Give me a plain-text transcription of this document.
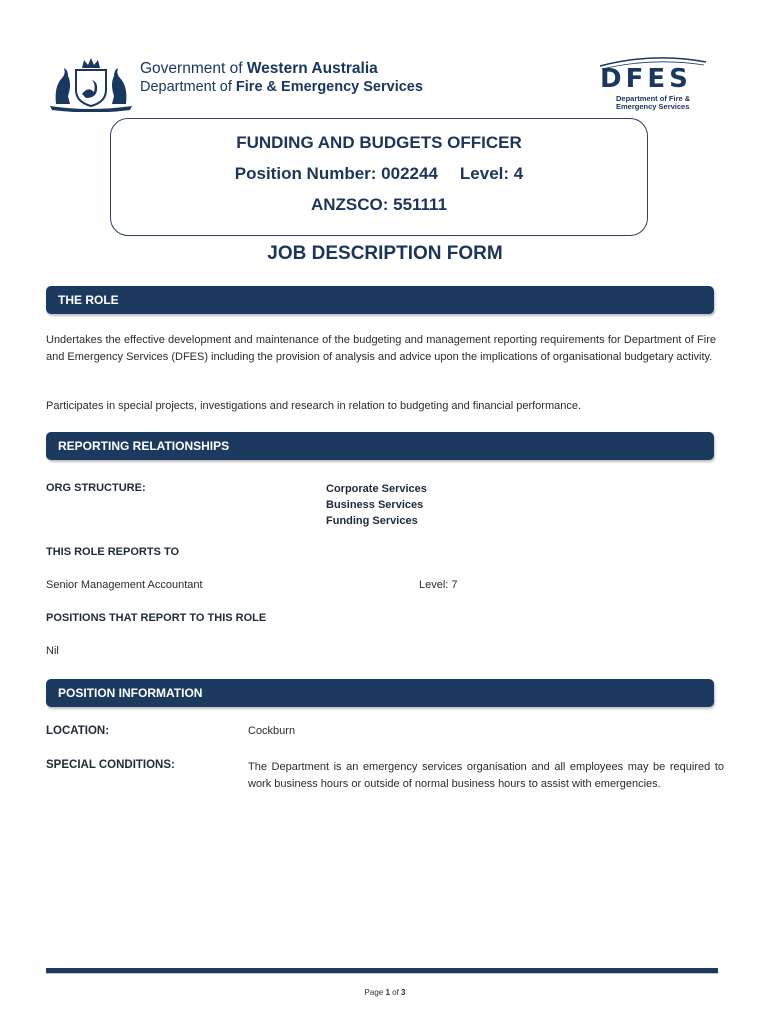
Government of Western Australia
Department of Fire & Emergency Services	DFES
Department of Fire &
Emergency Services
FUNDING AND BUDGETS OFFICER
Position Number: 002244 Level: 4
ANZSCO: 551111
JOB DESCRIPTION FORM
THE ROLE
Undertakes the effective development and maintenance of the budgeting and management reporting requirements for Department of Fire and Emergency Services (DFES) including the provision of analysis and advice upon the implications of organisational budgetary activity.
Participates in special projects, investigations and research in relation to budgeting and financial performance.
REPORTING RELATIONSHIPS
ORG STRUCTURE:	Corporate Services
Business Services
Funding Services
THIS ROLE REPORTS TO
Senior Management Accountant	Level: 7
POSITIONS THAT REPORT TO THIS ROLE
Nil
POSITION INFORMATION
LOCATION:	Cockburn
SPECIAL CONDITIONS:	The Department is an emergency services organisation and all employees may be required to work business hours or outside of normal business hours to assist with emergencies.
Page 1 of 3
